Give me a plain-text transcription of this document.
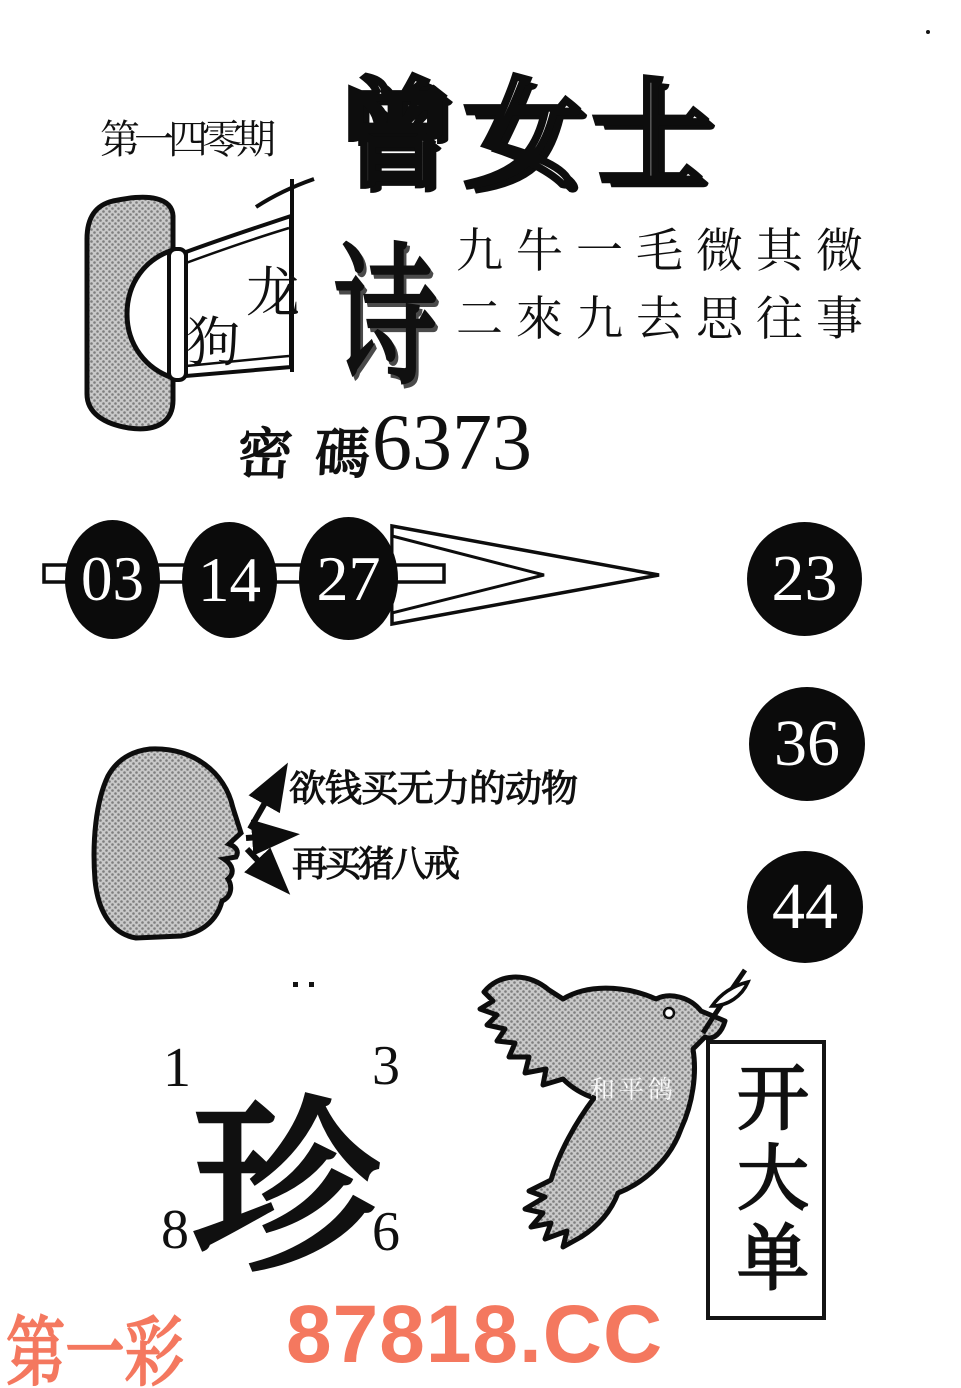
第一四零期 曾女士
诗
龙
狗
九牛一毛微其微
二來九去思往事
密碼
6373
03 14 27	23
36
44
欲钱买无力的动物
再买猪八戒
1	3
8	6
珍	和平鸽 开大单
第一彩 87818.CC
